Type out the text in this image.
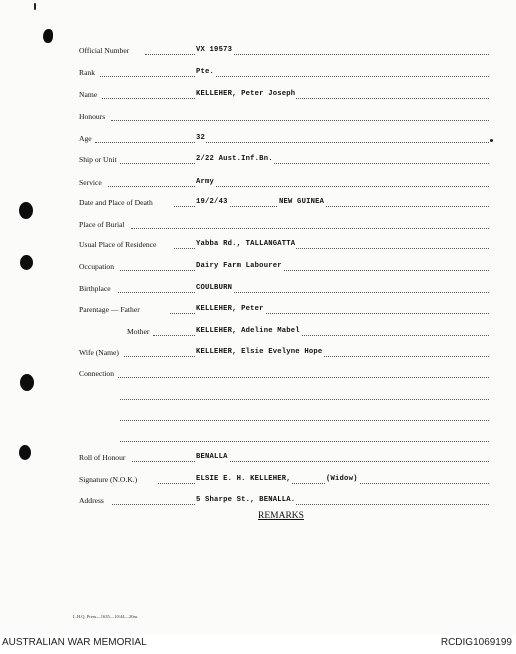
Official Number	VX 19573
Rank	Pte.
Name	KELLEHER, Peter Joseph
Honours
Age	32
Ship or Unit	2/22 Aust.Inf.Bn.
Service	Army
Date and Place of Death	19/2/43	NEW GUINEA
Place of Burial
Usual Place of Residence	Yabba Rd., TALLANGATTA
Occupation	Dairy Farm Labourer
Birthplace	COULBURN
Parentage — Father	KELLEHER, Peter
Mother	KELLEHER, Adeline Mabel
Wife (Name)	KELLEHER, Elsie Evelyne Hope
Connection
Roll of Honour	BENALLA
Signature (N.O.K.)	ELSIE E. H. KELLEHER,	(Widow)
Address	5 Sharpe St., BENALLA.
REMARKS
L.H.Q. Press—1635—10/44—20m.
AUSTRALIAN WAR MEMORIAL	RCDIG1069199
